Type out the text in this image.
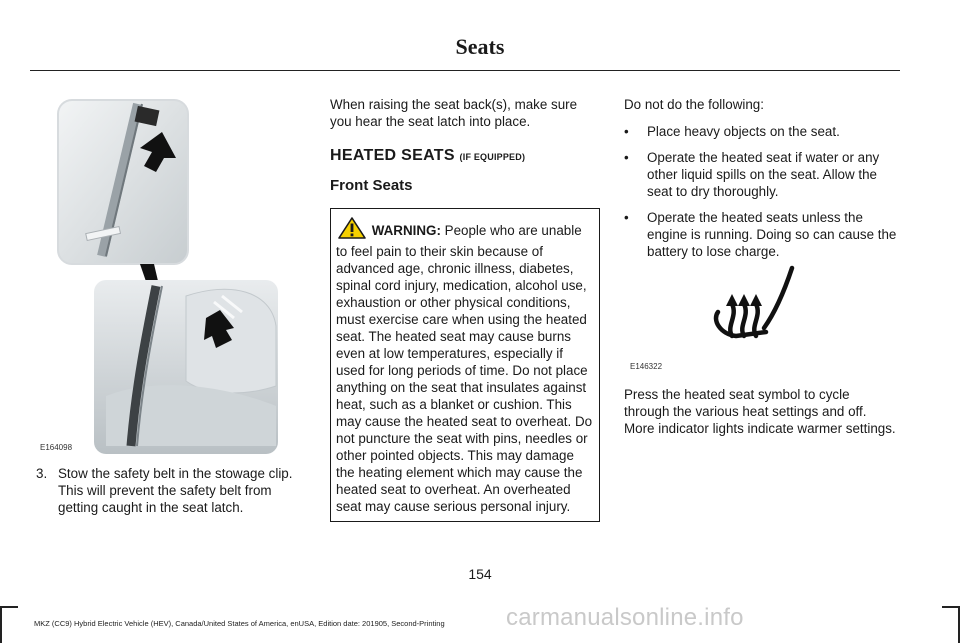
Seats
E164098
3. Stow the safety belt in the stowage clip. This will prevent the safety belt from getting caught in the seat latch.

When raising the seat back(s), make sure you hear the seat latch into place.

HEATED SEATS (IF EQUIPPED)
Front Seats
WARNING: People who are unable to feel pain to their skin because of advanced age, chronic illness, diabetes, spinal cord injury, medication, alcohol use, exhaustion or other physical conditions, must exercise care when using the heated seat. The heated seat may cause burns even at low temperatures, especially if used for long periods of time. Do not place anything on the seat that insulates against heat, such as a blanket or cushion. This may cause the heated seat to overheat. Do not puncture the seat with pins, needles or other pointed objects. This may damage the heating element which may cause the heated seat to overheat. An overheated seat may cause serious personal injury.

Do not do the following:

• Place heavy objects on the seat.
• Operate the heated seat if water or any other liquid spills on the seat. Allow the seat to dry thoroughly.
• Operate the heated seats unless the engine is running. Doing so can cause the battery to lose charge.
E146322

Press the heated seat symbol to cycle through the various heat settings and off. More indicator lights indicate warmer settings.

154
MKZ (CC9) Hybrid Electric Vehicle (HEV), Canada/United States of America, enUSA, Edition date: 201905, Second-Printing	carmanualsonline.info
